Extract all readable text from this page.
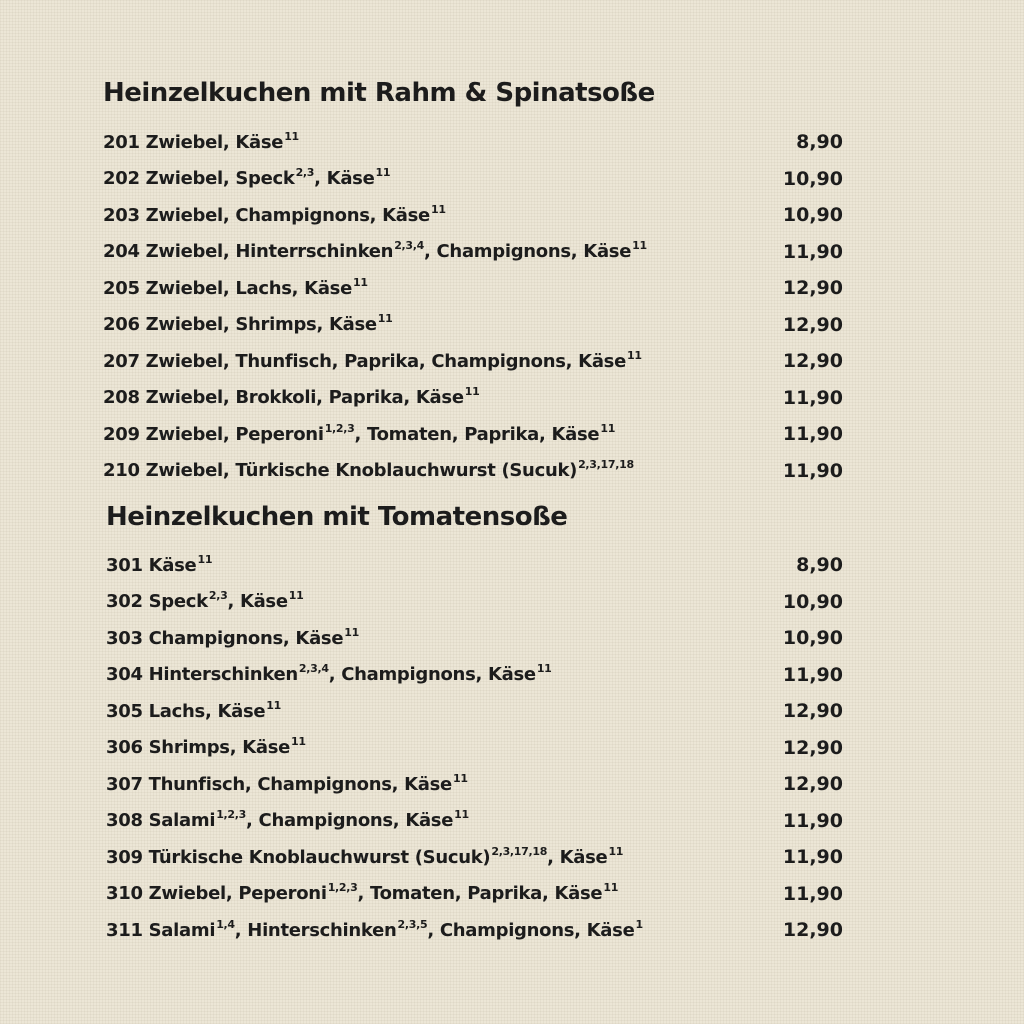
Heinzelkuchen mit Rahm & Spinatsoße
201 Zwiebel, Käse$^{11}$	8,90
202 Zwiebel, Speck$^{2,3}$, Käse$^{11}$	10,90
203 Zwiebel, Champignons, Käse$^{11}$	10,90
204 Zwiebel, Hinterrschinken$^{2,3,4}$, Champignons, Käse$^{11}$	11,90
205 Zwiebel, Lachs, Käse$^{11}$	12,90
206 Zwiebel, Shrimps, Käse$^{11}$	12,90
207 Zwiebel, Thunfisch, Paprika, Champignons, Käse$^{11}$	12,90
208 Zwiebel, Brokkoli, Paprika, Käse$^{11}$	11,90
209 Zwiebel, Peperoni$^{1,2,3}$, Tomaten, Paprika, Käse$^{11}$	11,90
210 Zwiebel, Türkische Knoblauchwurst (Sucuk)$^{2,3,17,18}$	11,90
Heinzelkuchen mit Tomatensoße
301 Käse$^{11}$	8,90
302 Speck$^{2,3}$, Käse$^{11}$	10,90
303 Champignons, Käse$^{11}$	10,90
304 Hinterschinken$^{2,3,4}$, Champignons, Käse$^{11}$	11,90
305 Lachs, Käse$^{11}$	12,90
306 Shrimps, Käse$^{11}$	12,90
307 Thunfisch, Champignons, Käse$^{11}$	12,90
308 Salami$^{1,2,3}$, Champignons, Käse$^{11}$	11,90
309 Türkische Knoblauchwurst (Sucuk)$^{2,3,17,18}$, Käse$^{11}$	11,90
310 Zwiebel, Peperoni$^{1,2,3}$, Tomaten, Paprika, Käse$^{11}$	11,90
311 Salami$^{1,4}$, Hinterschinken$^{2,3,5}$, Champignons, Käse$^1$	12,90
